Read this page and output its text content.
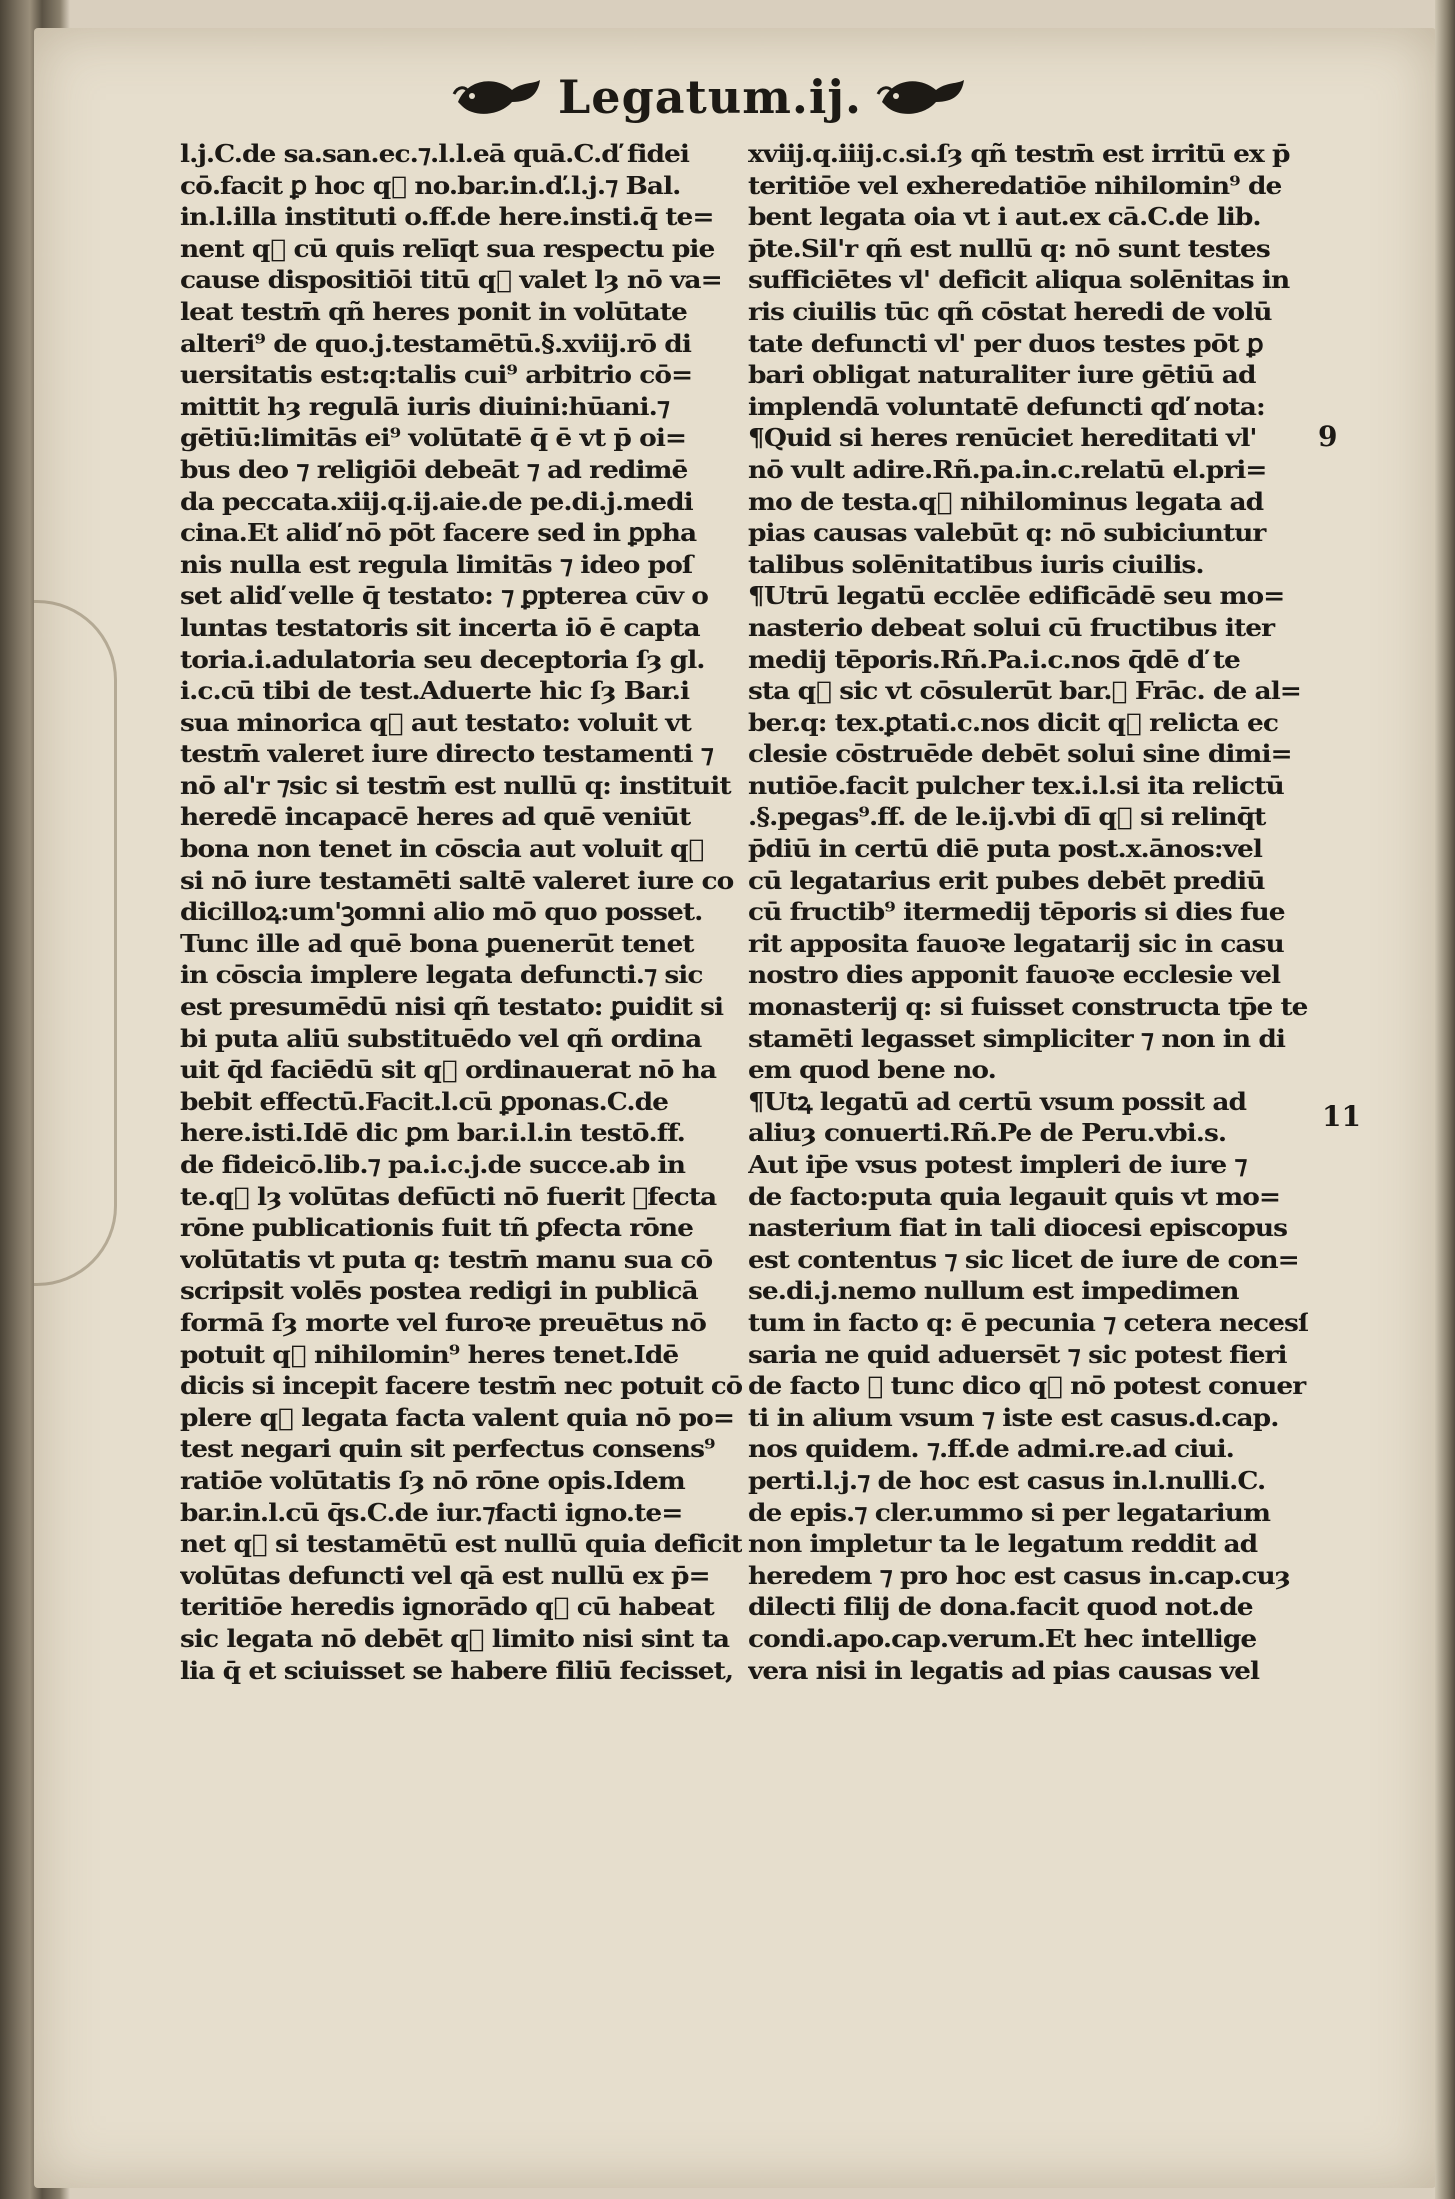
Legatum.ij.
l.j.C.de sa.san.ec.⁊.l.l.eā quā.C.ď fidei
cō.facit ꝑ hoc q᷑ no.bar.in.ď.l.j.⁊ Bal.
in.l.illa instituti o.ff.de here.insti.q̄ te=
nent q᷑ cū quis relīqt sua respectu pie
cause dispositiōi titū q᷑ valet lȝ nō va=
leat testm̄ qñ heres ponit in volūtate
alteri⁹ de quo.j.testamētū.§.xviij.rō di
uersitatis est:q:talis cui⁹ arbitrio cō=
mittit hȝ regulā iuris diuini:hūani.⁊
gētiū:limitās ei⁹ volūtatē q̄ ē vt p̄ oi=
bus deo ⁊ religiōi debeāt ⁊ ad redimē
da peccata.xiij.q.ij.aie.de pe.di.j.medi
cina.Et aliď nō pōt facere sed in ꝑpha
nis nulla est regula limitās ⁊ ideo poſ
set aliď velle q̄ testato: ⁊ ꝑpterea cūv o
luntas testatoris sit incerta iō ē capta
toria.i.adulatoria seu deceptoria ſȝ gl.
i.c.cū tibi de test.Aduerte hic ſȝ Bar.i
sua minorica q᷑ aut testato: voluit vt
testm̄ valeret iure directo testamenti ⁊
nō al'r ⁊sic si testm̄ est nullū q: instituit
heredē incapacē heres ad quē veniūt
bona non tenet in cōscia aut voluit q᷑
si nō iure testamēti saltē valeret iure co
dicilloꝝ:um'ꝫomni alio mō quo posset.
Tunc ille ad quē bona ꝑuenerūt tenet
in cōscia implere legata defuncti.⁊ sic
est presumēdū nisi qñ testato: ꝑuidit si
bi puta aliū substituēdo vel qñ ordina
uit q̄d faciēdū sit q᷑ ordinauerat nō ha
bebit effectū.Facit.l.cū ꝑponas.C.de
here.isti.Idē dic ꝑm bar.i.l.in testō.ff.
de fideicō.lib.⁊ pa.i.c.j.de succe.ab in
te.q᷑ lȝ volūtas defūcti nō fuerit ꝑfecta
rōne publicationis fuit tñ ꝑfecta rōne
volūtatis vt puta q: testm̄ manu sua cō
scripsit volēs postea redigi in publicā
formā ſȝ morte vel furoꝛe preuētus nō
potuit q᷑ nihilomin⁹ heres tenet.Idē
dicis si incepit facere testm̄ nec potuit cō
plere q᷑ legata facta valent quia nō po=
test negari quin sit perfectus consens⁹
ratiōe volūtatis ſȝ nō rōne opis.Idem
bar.in.l.cū q̄s.C.de iur.⁊facti igno.te=
net q᷑ si testamētū est nullū quia deficit
volūtas defuncti vel qā est nullū ex p̄=
teritiōe heredis ignorādo q᷑ cū habeat
sic legata nō debēt q᷑ limito nisi sint ta
lia q̄ et sciuisset se habere filiū fecisset,
xviij.q.iiij.c.si.ſȝ qñ testm̄ est irritū ex p̄
teritiōe vel exheredatiōe nihilomin⁹ de
bent legata oia vt i aut.ex cā.C.de lib.
p̄te.Sil'r qñ est nullū q: nō sunt testes
sufficiētes vl' deficit aliqua solēnitas in
ris ciuilis tūc qñ cōstat heredi de volū
tate defuncti vl' per duos testes pōt ꝑ
bari obligat naturaliter iure gētiū ad
implendā voluntatē defuncti qď nota:
¶Quid si heres renūciet hereditati vl'
nō vult adire.Rñ.pa.in.c.relatū el.pri=
mo de testa.q᷑ nihilominus legata ad
pias causas valebūt q: nō subiciuntur
talibus solēnitatibus iuris ciuilis.
¶Utrū legatū ecclēe edificādē seu mo=
nasterio debeat solui cū fructibus iter
medij tēporis.Rñ.Pa.i.c.nos q̄dē ď te
sta q᷑ sic vt cōsulerūt bar.⁊ Frāc. de al=
ber.q: tex.ꝑtati.c.nos dicit q᷑ relicta ec
clesie cōstruēde debēt solui sine dimi=
nutiōe.facit pulcher tex.i.l.si ita relictū
.§.pegas⁹.ff. de le.ij.vbi dī q᷑ si relinq̄t
p̄diū in certū diē puta post.x.ānos:vel
cū legatarius erit pubes debēt prediū
cū fructib⁹ itermedij tēporis si dies fue
rit apposita fauoꝛe legatarij sic in casu
nostro dies apponit fauoꝛe ecclesie vel
monasterij q: si fuisset constructa tp̄e te
stamēti legasset simpliciter ⁊ non in di
em quod bene no.
¶Utꝝ legatū ad certū vsum possit ad
aliuȝ conuerti.Rñ.Pe de Peru.vbi.s.
Aut ip̄e vsus potest impleri de iure ⁊
de facto:puta quia legauit quis vt mo=
nasterium fiat in tali diocesi episcopus
est contentus ⁊ sic licet de iure de con=
se.di.j.nemo nullum est impedimen
tum in facto q: ē pecunia ⁊ cetera necesſ
saria ne quid aduersēt ⁊ sic potest fieri
de facto ⁊ tunc dico q᷑ nō potest conuer
ti in alium vsum ⁊ iste est casus.d.cap.
nos quidem. ⁊.ff.de admi.re.ad ciui.
perti.l.j.⁊ de hoc est casus in.l.nulli.C.
de epis.⁊ cler.ummo si per legatarium
non impletur ta le legatum reddit ad
heredem ⁊ pro hoc est casus in.cap.cuȝ
dilecti filij de dona.facit quod not.de
condi.apo.cap.verum.Et hec intellige
vera nisi in legatis ad pias causas vel
9
11
